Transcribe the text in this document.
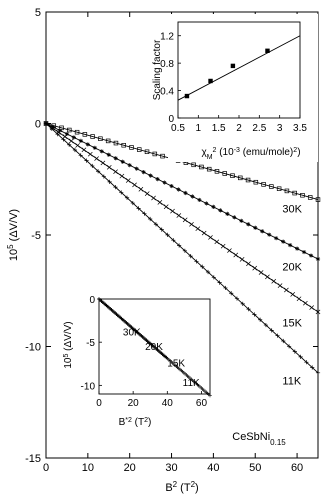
0	10	20	30	40	50	60
5
0
-5
-10
-15
$B^2$ $(T^2)$
$10^5$ (ΔV/V)	30K
20K
15K
11K
CeSbNi$_{0.15}$
0.5 1 1.5 2 2.5 3 3.5
0
0.4
0.8
1.2
Scaling factor
$\chi_M^2$ ($10^{-3}$ (emu/mole)$^2$)
0	20 40 60
0
-5
-10
30K
20K
15K
11K
$10^5$ (ΔV/V)
$B^{*2}$ $(T^2)$
